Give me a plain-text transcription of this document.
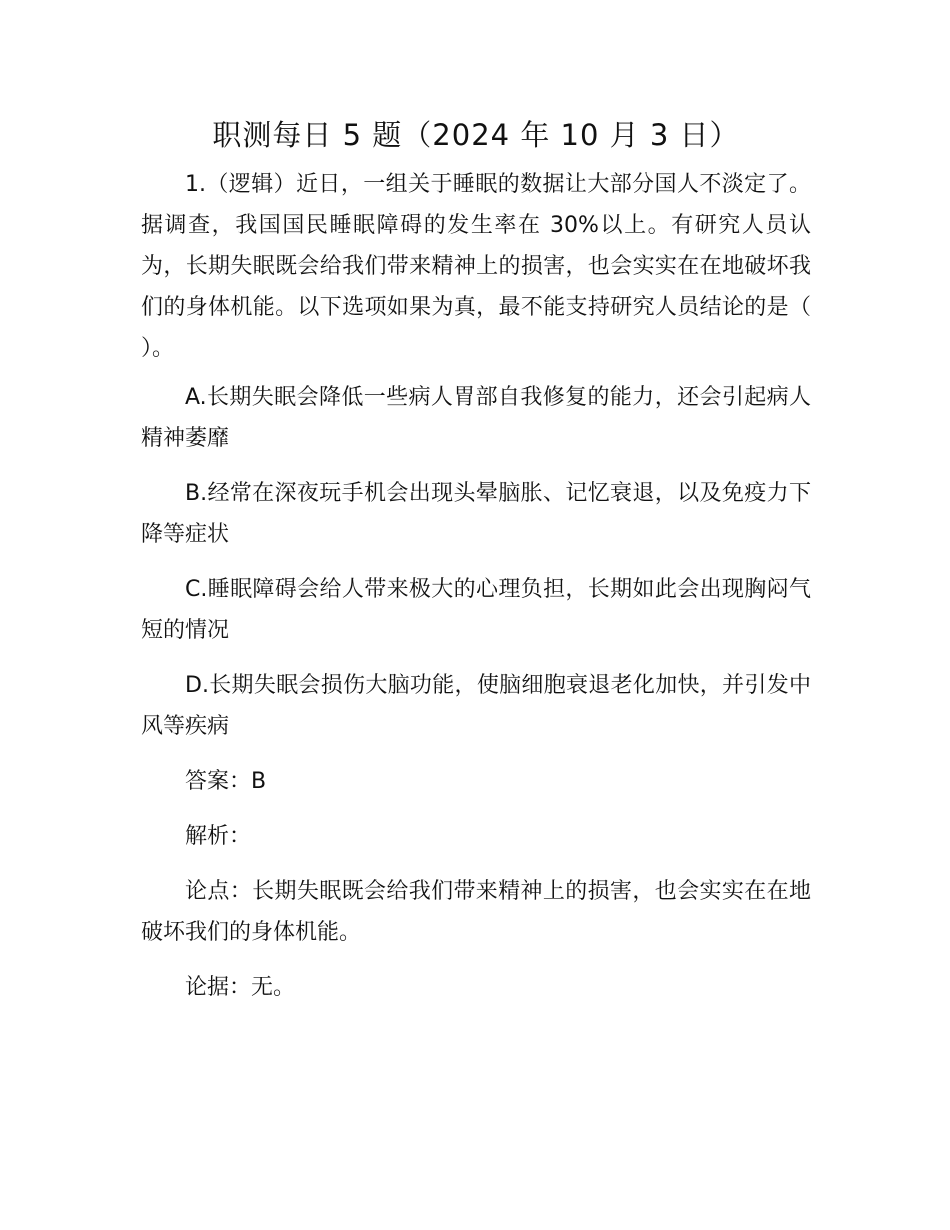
职测每日 5 题（2024 年 10 月 3 日）

1.（逻辑）近日，一组关于睡眠的数据让大部分国人不淡定了。据调查，我国国民睡眠障碍的发生率在 30%以上。有研究人员认为，长期失眠既会给我们带来精神上的损害，也会实实在在地破坏我们的身体机能。以下选项如果为真，最不能支持研究人员结论的是（ ）。

A.长期失眠会降低一些病人胃部自我修复的能力，还会引起病人精神萎靡

B.经常在深夜玩手机会出现头晕脑胀、记忆衰退，以及免疫力下降等症状

C.睡眠障碍会给人带来极大的心理负担，长期如此会出现胸闷气短的情况

D.长期失眠会损伤大脑功能，使脑细胞衰退老化加快，并引发中风等疾病

答案：B

解析：

论点：长期失眠既会给我们带来精神上的损害，也会实实在在地破坏我们的身体机能。

论据：无。
